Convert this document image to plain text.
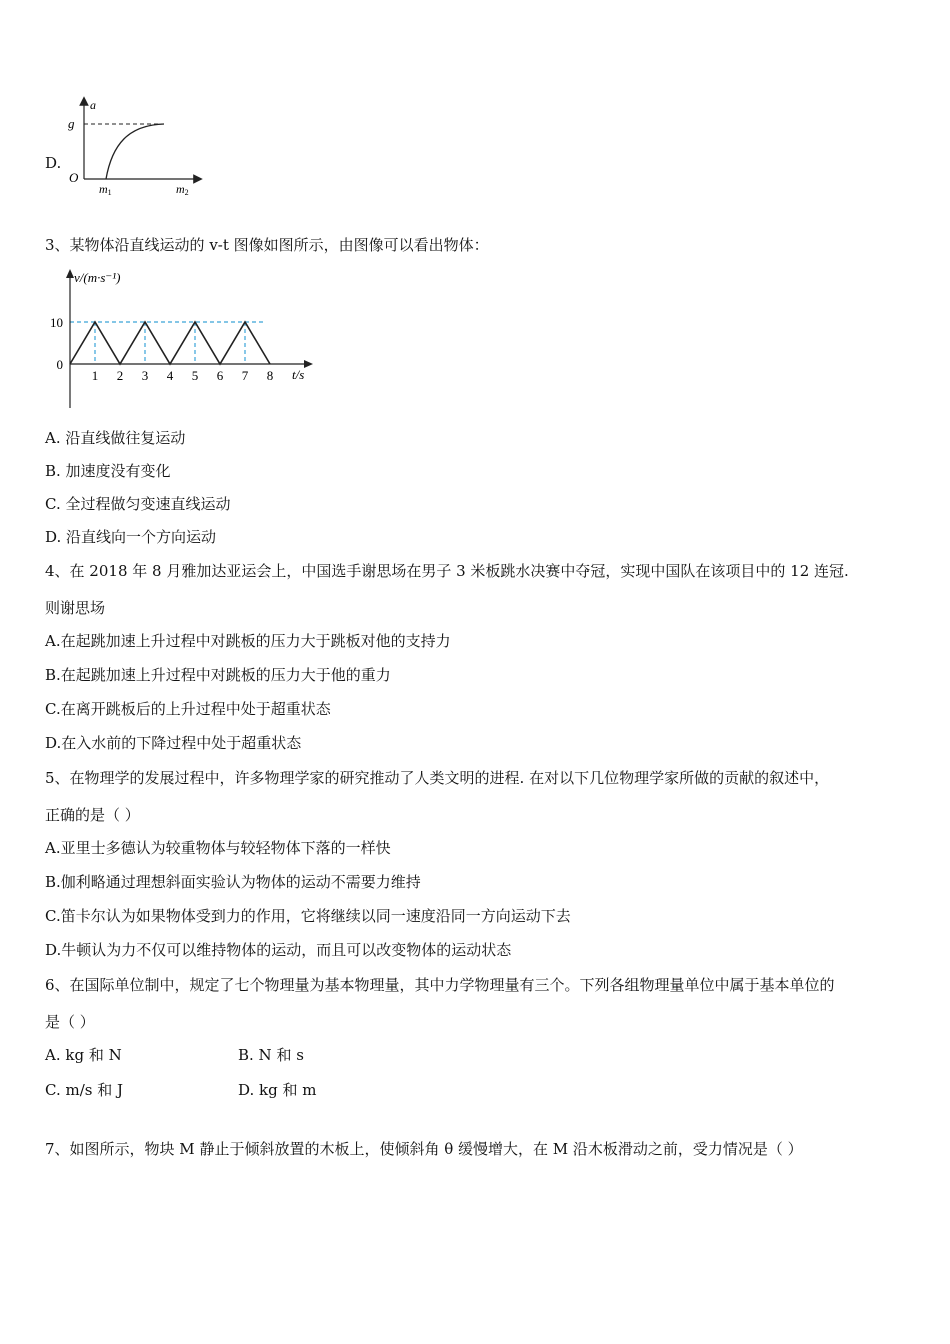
D.
a
g
O
m1	m2
3、某物体沿直线运动的 v-t 图像如图所示，由图像可以看出物体：
1 2 3 4 5 6 7 8
0
10
v/(m·s⁻¹)
t/s
A. 沿直线做往复运动
B. 加速度没有变化
C. 全过程做匀变速直线运动
D. 沿直线向一个方向运动
4、在 2018 年 8 月雅加达亚运会上，中国选手谢思场在男子 3 米板跳水决赛中夺冠，实现中国队在该项目中的 12 连冠.
则谢思场
A.在起跳加速上升过程中对跳板的压力大于跳板对他的支持力
B.在起跳加速上升过程中对跳板的压力大于他的重力
C.在离开跳板后的上升过程中处于超重状态
D.在入水前的下降过程中处于超重状态
5、在物理学的发展过程中，许多物理学家的研究推动了人类文明的进程. 在对以下几位物理学家所做的贡献的叙述中，
正确的是（ ）
A.亚里士多德认为较重物体与较轻物体下落的一样快
B.伽利略通过理想斜面实验认为物体的运动不需要力维持
C.笛卡尔认为如果物体受到力的作用，它将继续以同一速度沿同一方向运动下去
D.牛顿认为力不仅可以维持物体的运动，而且可以改变物体的运动状态
6、在国际单位制中，规定了七个物理量为基本物理量，其中力学物理量有三个。下列各组物理量单位中属于基本单位的
是（ ）
A. kg 和 N	B. N 和 s
C. m/s 和 J	D. kg 和 m
7、如图所示，物块 M 静止于倾斜放置的木板上，使倾斜角 θ 缓慢增大，在 M 沿木板滑动之前，受力情况是（ ）
